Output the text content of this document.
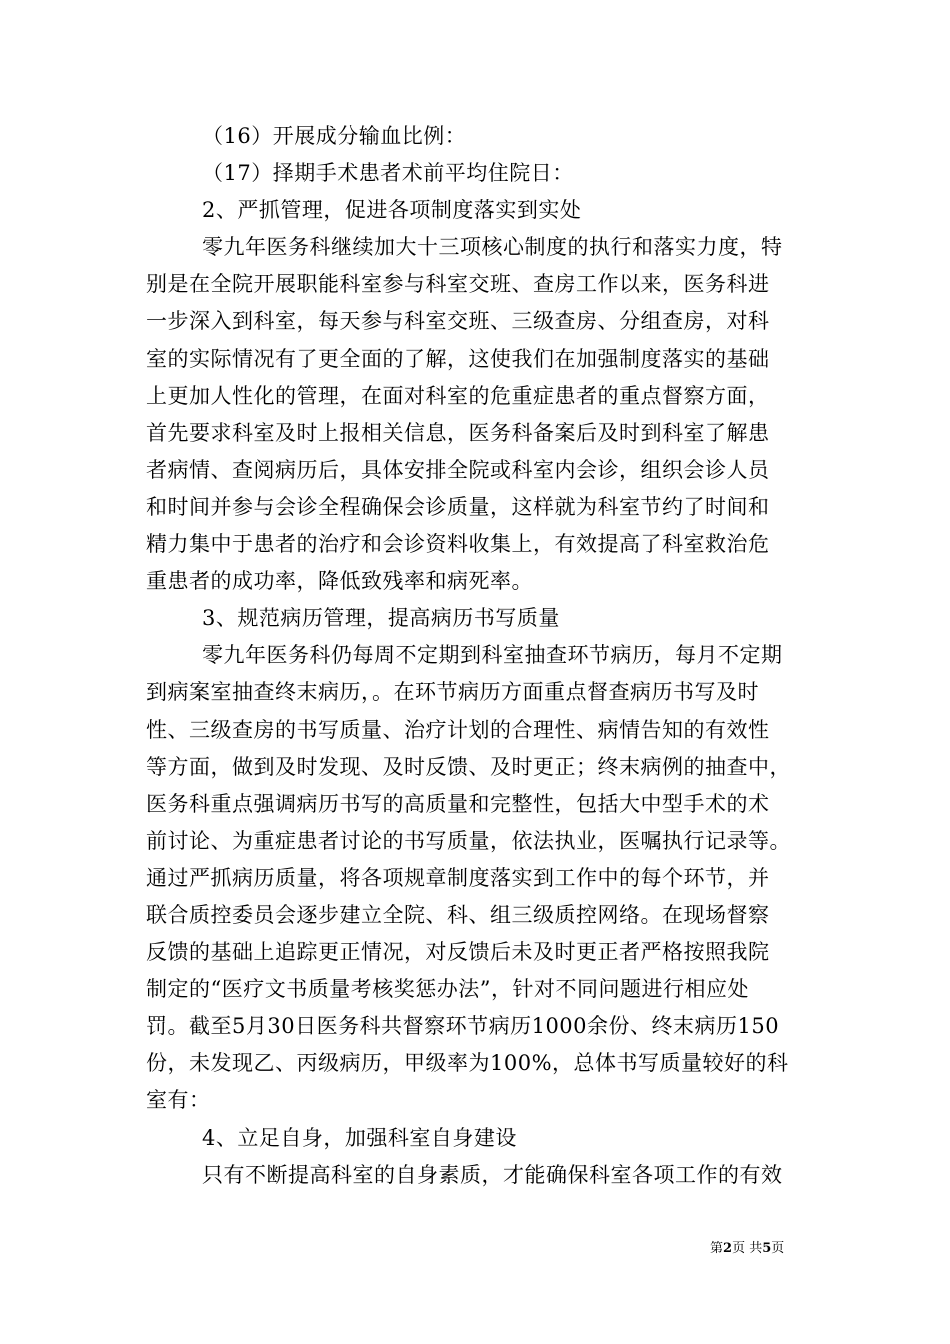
（16）开展成分输血比例：
（17）择期手术患者术前平均住院日：
2、严抓管理，促进各项制度落实到实处
零九年医务科继续加大十三项核心制度的执行和落实力度，特
别是在全院开展职能科室参与科室交班、查房工作以来，医务科进
一步深入到科室，每天参与科室交班、三级查房、分组查房，对科
室的实际情况有了更全面的了解，这使我们在加强制度落实的基础
上更加人性化的管理，在面对科室的危重症患者的重点督察方面，
首先要求科室及时上报相关信息，医务科备案后及时到科室了解患
者病情、查阅病历后，具体安排全院或科室内会诊，组织会诊人员
和时间并参与会诊全程确保会诊质量，这样就为科室节约了时间和
精力集中于患者的治疗和会诊资料收集上，有效提高了科室救治危
重患者的成功率，降低致残率和病死率。
3、规范病历管理，提高病历书写质量
零九年医务科仍每周不定期到科室抽查环节病历，每月不定期
到病案室抽查终末病历，。在环节病历方面重点督查病历书写及时
性、三级查房的书写质量、治疗计划的合理性、病情告知的有效性
等方面，做到及时发现、及时反馈、及时更正；终末病例的抽查中，
医务科重点强调病历书写的高质量和完整性，包括大中型手术的术
前讨论、为重症患者讨论的书写质量，依法执业，医嘱执行记录等。
通过严抓病历质量，将各项规章制度落实到工作中的每个环节，并
联合质控委员会逐步建立全院、科、组三级质控网络。在现场督察
反馈的基础上追踪更正情况，对反馈后未及时更正者严格按照我院
制定的“医疗文书质量考核奖惩办法”，针对不同问题进行相应处
罚。截至5月30日医务科共督察环节病历1000余份、终末病历150
份，未发现乙、丙级病历，甲级率为100%，总体书写质量较好的科
室有：
4、立足自身，加强科室自身建设
只有不断提高科室的自身素质，才能确保科室各项工作的有效
第2页 共5页
